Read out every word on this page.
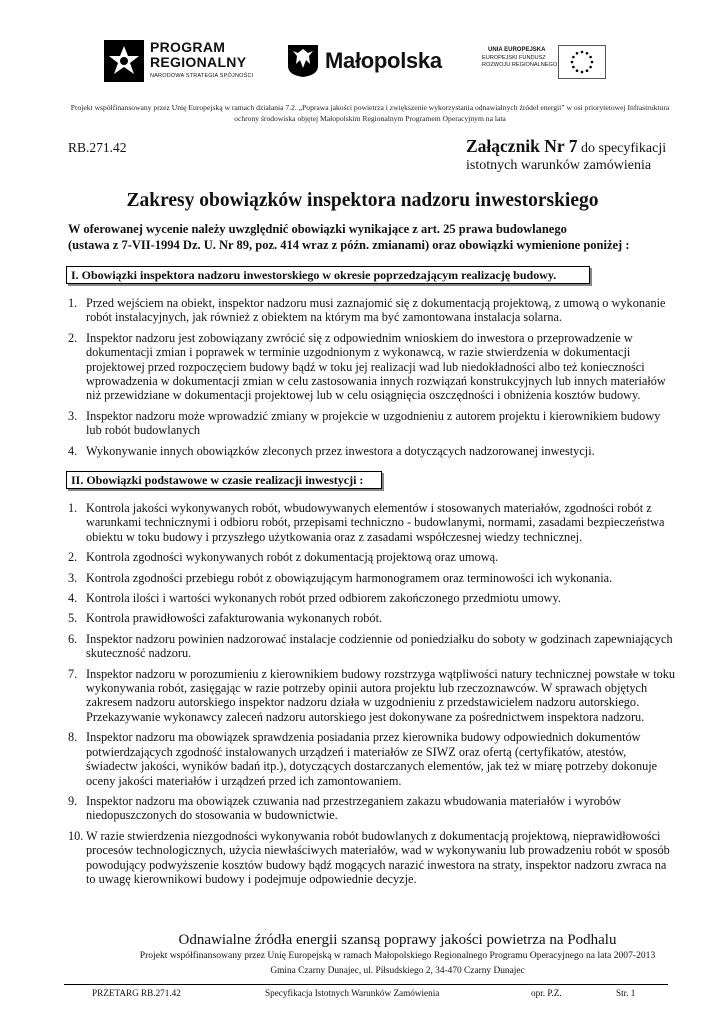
PROGRAM
REGIONALNY
NARODOWA STRATEGIA SPÓJNOŚCI
Małopolska	UNIA EUROPEJSKA
EUROPEJSKI FUNDUSZ
ROZWOJU REGIONALNEGO
Projekt współfinansowany przez Unię Europejską w ramach działania 7.2. „Poprawa jakości powietrza i zwiększenie wykorzystania odnawialnych źródeł energii” w osi priorytetowej Infrastruktura ochrony środowiska objętej Małopolskim Regionalnym Programem Operacyjnym na lata
RB.271.42	Załącznik Nr 7 do specyfikacji
istotnych warunków zamówienia
Zakresy obowiązków inspektora nadzoru inwestorskiego
W oferowanej wycenie należy uwzględnić obowiązki wynikające z art. 25 prawa budowlanego
(ustawa z 7-VII-1994 Dz. U. Nr 89, poz. 414 wraz z późn. zmianami) oraz obowiązki wymienione poniżej :
I. Obowiązki inspektora nadzoru inwestorskiego w okresie poprzedzającym realizację budowy.
1. Przed wejściem na obiekt, inspektor nadzoru musi zaznajomić się z dokumentacją projektową, z umową o wykonanie robót instalacyjnych, jak również z obiektem na którym ma być zamontowana instalacja solarna.
2. Inspektor nadzoru jest zobowiązany zwrócić się z odpowiednim wnioskiem do inwestora o przeprowadzenie w dokumentacji zmian i poprawek w terminie uzgodnionym z wykonawcą, w razie stwierdzenia w dokumentacji projektowej przed rozpoczęciem budowy bądź w toku jej realizacji wad lub niedokładności albo też konieczności wprowadzenia w dokumentacji zmian w celu zastosowania innych rozwiązań konstrukcyjnych lub innych materiałów niż przewidziane w dokumentacji projektowej lub w celu osiągnięcia oszczędności i obniżenia kosztów budowy.
3. Inspektor nadzoru może wprowadzić zmiany w projekcie w uzgodnieniu z autorem projektu i kierownikiem budowy lub robót budowlanych
4. Wykonywanie innych obowiązków zleconych przez inwestora a dotyczących nadzorowanej inwestycji.
II. Obowiązki podstawowe w czasie realizacji inwestycji :
1. Kontrola jakości wykonywanych robót, wbudowywanych elementów i stosowanych materiałów, zgodności robót z warunkami technicznymi i odbioru robót, przepisami techniczno - budowlanymi, normami, zasadami bezpieczeństwa obiektu w toku budowy i przyszłego użytkowania oraz z zasadami współczesnej wiedzy technicznej.
2. Kontrola zgodności wykonywanych robót z dokumentacją projektową oraz umową.
3. Kontrola zgodności przebiegu robót z obowiązującym harmonogramem oraz terminowości ich wykonania.
4. Kontrola ilości i wartości wykonanych robót przed odbiorem zakończonego przedmiotu umowy.
5. Kontrola prawidłowości zafakturowania wykonanych robót.
6. Inspektor nadzoru powinien nadzorować instalacje codziennie od poniedziałku do soboty w godzinach zapewniających skuteczność nadzoru.
7. Inspektor nadzoru w porozumieniu z kierownikiem budowy rozstrzyga wątpliwości natury technicznej powstałe w toku wykonywania robót, zasięgając w razie potrzeby opinii autora projektu lub rzeczoznawców. W sprawach objętych zakresem nadzoru autorskiego inspektor nadzoru działa w uzgodnieniu z przedstawicielem nadzoru autorskiego. Przekazywanie wykonawcy zaleceń nadzoru autorskiego jest dokonywane za pośrednictwem inspektora nadzoru.
8. Inspektor nadzoru ma obowiązek sprawdzenia posiadania przez kierownika budowy odpowiednich dokumentów potwierdzających zgodność instalowanych urządzeń i materiałów ze SIWZ oraz ofertą (certyfikatów, atestów, świadectw jakości, wyników badań itp.), dotyczących dostarczanych elementów, jak też w miarę potrzeby dokonuje oceny jakości materiałów i urządzeń przed ich zamontowaniem.
9. Inspektor nadzoru ma obowiązek czuwania nad przestrzeganiem zakazu wbudowania materiałów i wyrobów niedopuszczonych do stosowania w budownictwie.
10. W razie stwierdzenia niezgodności wykonywania robót budowlanych z dokumentacją projektową, nieprawidłowości procesów technologicznych, użycia niewłaściwych materiałów, wad w wykonywaniu lub prowadzeniu robót w sposób powodujący podwyższenie kosztów budowy bądź mogących narazić inwestora na straty, inspektor nadzoru zwraca na to uwagę kierownikowi budowy i podejmuje odpowiednie decyzje.
Odnawialne źródła energii szansą poprawy jakości powietrza na Podhalu
Projekt współfinansowany przez Unię Europejską w ramach Małopolskiego Regionalnego Programu Operacyjnego na lata 2007-2013
Gmina Czarny Dunajec, ul. Piłsudskiego 2, 34-470 Czarny Dunajec
PRZETARG RB.271.42	Specyfikacja Istotnych Warunków Zamówienia	opr. P.Z.	Str. 1
